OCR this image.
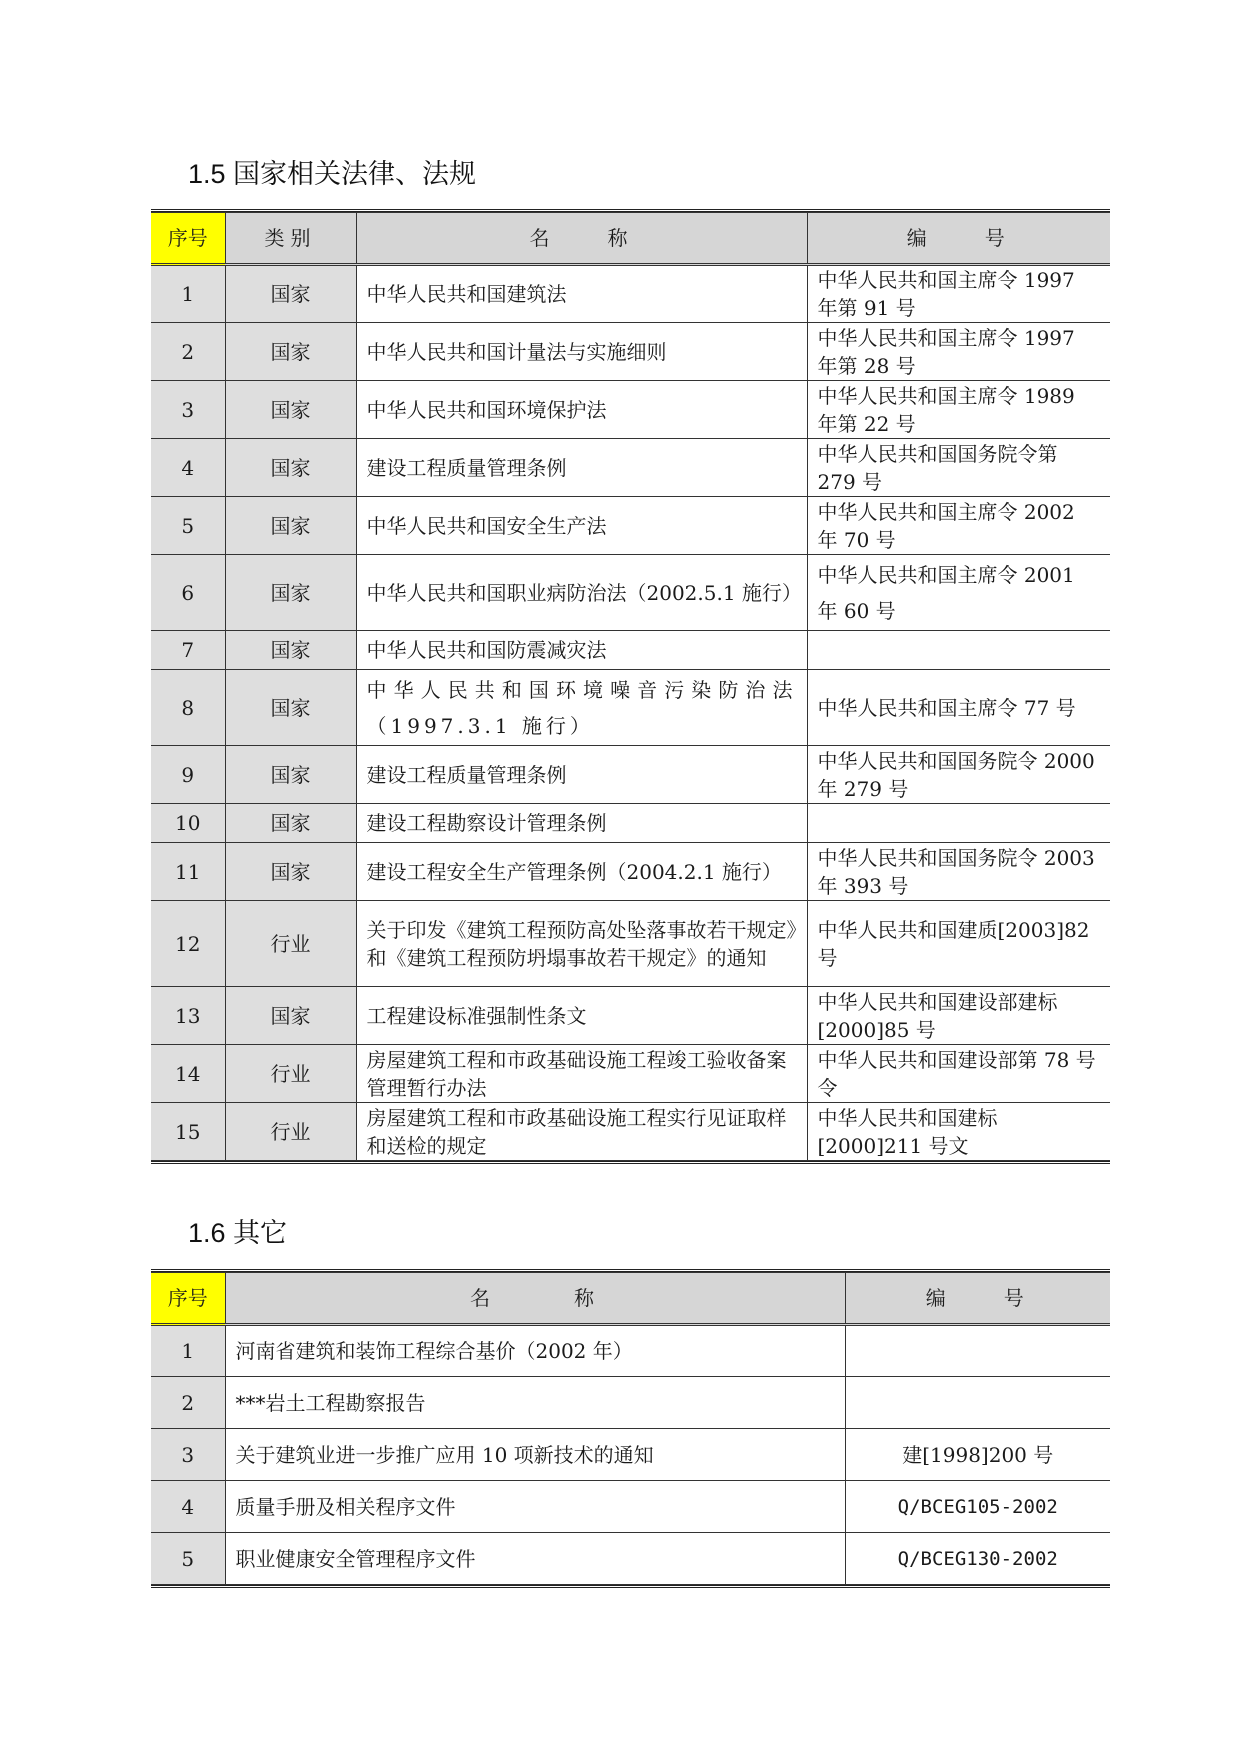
1.5 国家相关法律、法规
序号	类别	名　　称	编　　号
1	国家	中华人民共和国建筑法	中华人民共和国主席令 1997 年第 91 号
2	国家	中华人民共和国计量法与实施细则	中华人民共和国主席令 1997 年第 28 号
3	国家	中华人民共和国环境保护法	中华人民共和国主席令 1989 年第 22 号
4	国家	建设工程质量管理条例	中华人民共和国国务院令第 279 号
5	国家	中华人民共和国安全生产法	中华人民共和国主席令 2002 年 70 号
6	国家	中华人民共和国职业病防治法（2002.5.1 施行）	中华人民共和国主席令 2001 年 60 号
7	国家	中华人民共和国防震减灾法	
8	国家	中华人民共和国环境噪音污染防治法（1997.3.1 施行）	中华人民共和国主席令 77 号
9	国家	建设工程质量管理条例	中华人民共和国国务院令 2000 年 279 号
10	国家	建设工程勘察设计管理条例	
11	国家	建设工程安全生产管理条例（2004.2.1 施行）	中华人民共和国国务院令 2003 年 393 号
12	行业	关于印发《建筑工程预防高处坠落事故若干规定》和《建筑工程预防坍塌事故若干规定》的通知	中华人民共和国建质[2003]82 号
13	国家	工程建设标准强制性条文	中华人民共和国建设部建标[2000]85 号
14	行业	房屋建筑工程和市政基础设施工程竣工验收备案管理暂行办法	中华人民共和国建设部第 78 号令
15	行业	房屋建筑工程和市政基础设施工程实行见证取样和送检的规定	中华人民共和国建标[2000]211 号文
1.6 其它
序号	名　　　称	编　　号
1	河南省建筑和装饰工程综合基价（2002 年）	
2	***岩土工程勘察报告	
3	关于建筑业进一步推广应用 10 项新技术的通知	建[1998]200 号
4	质量手册及相关程序文件	Q/BCEG105-2002
5	职业健康安全管理程序文件	Q/BCEG130-2002
